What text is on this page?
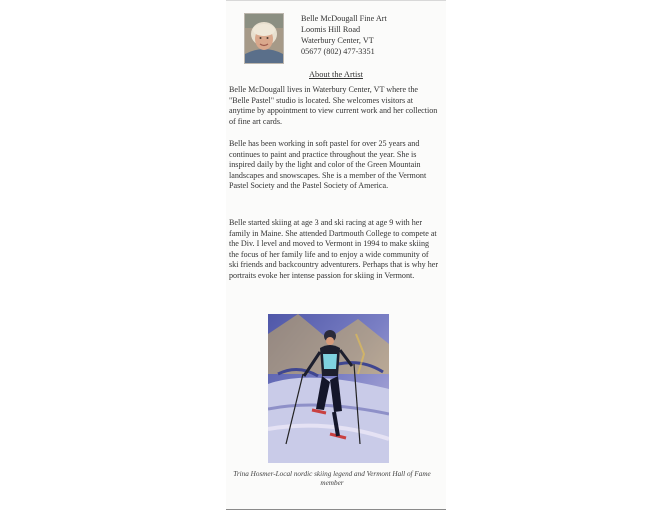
Belle McDougall Fine Art
Loomis Hill Road
Waterbury Center, VT
05677 (802) 477-3351
About the Artist
Belle McDougall lives in Waterbury Center, VT where the "Belle Pastel" studio is located. She welcomes visitors at anytime by appointment to view current work and her collection of fine art cards.
Belle has been working in soft pastel for over 25 years and continues to paint and practice throughout the year. She is inspired daily by the light and color of the Green Mountain landscapes and snowscapes. She is a member of the Vermont Pastel Society and the Pastel Society of America.
Belle started skiing at age 3 and ski racing at age 9 with her family in Maine. She attended Dartmouth College to compete at the Div. I level and moved to Vermont in 1994 to make skiing the focus of her family life and to enjoy a wide community of ski friends and backcountry adventurers. Perhaps that is why her portraits evoke her intense passion for skiing in Vermont.
Trina Hosmer-Local nordic skiing legend and Vermont Hall of Fame member
